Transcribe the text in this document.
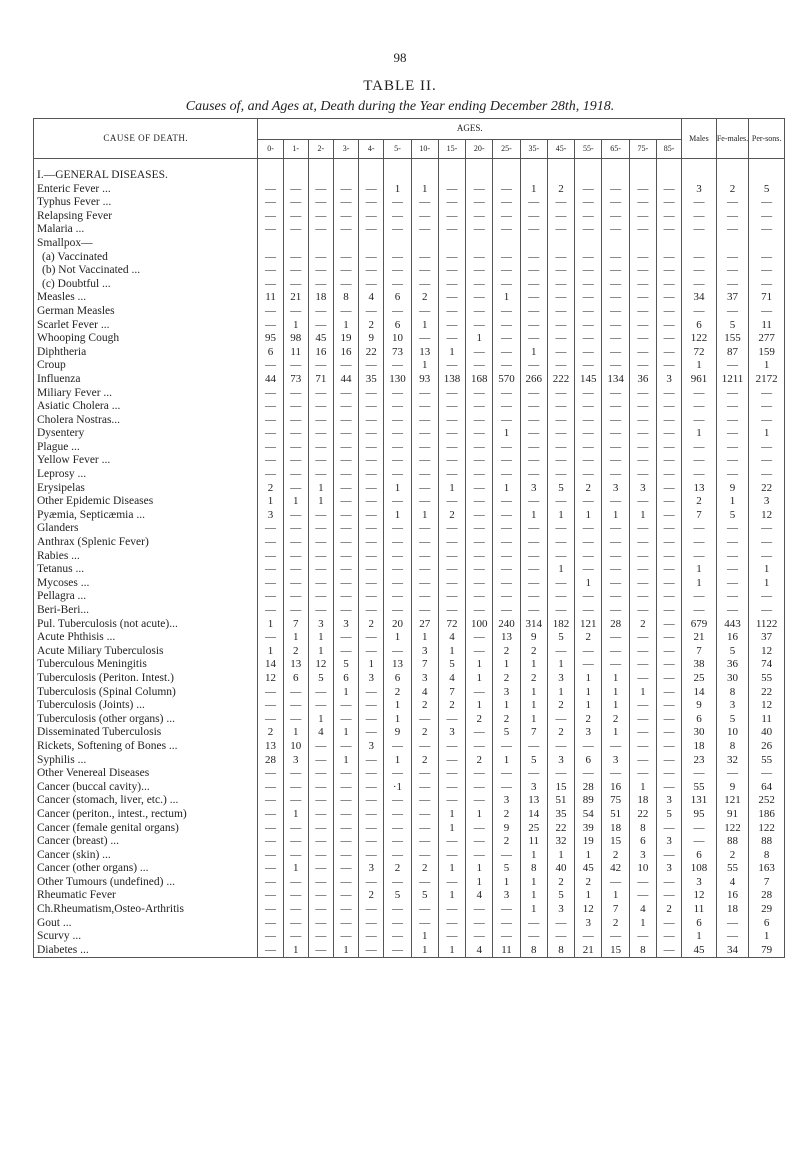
98
TABLE II.
Causes of, and Ages at, Death during the Year ending December 28th, 1918.
CAUSE OF DEATH.	AGES.																Males	Fe-males.	Per-sons.
	0-	1-	2-	3-	4-	5-	10-	15-	20-	25-	35-	45-	55-	65-	75-	85-			

I.—GENERAL DISEASES.																			
Enteric Fever ...	—	—	—	—	—	1	1	—	—	—	1	2	—	—	—	—	3	2	5
Typhus Fever ...	—	—	—	—	—	—	—	—	—	—	—	—	—	—	—	—	—	—	—
Relapsing Fever	—	—	—	—	—	—	—	—	—	—	—	—	—	—	—	—	—	—	—
Malaria ...	—	—	—	—	—	—	—	—	—	—	—	—	—	—	—	—	—	—	—
Smallpox—																			
(a) Vaccinated	—	—	—	—	—	—	—	—	—	—	—	—	—	—	—	—	—	—	—
(b) Not Vaccinated ...	—	—	—	—	—	—	—	—	—	—	—	—	—	—	—	—	—	—	—
(c) Doubtful ...	—	—	—	—	—	—	—	—	—	—	—	—	—	—	—	—	—	—	—
Measles ...	11	21	18	8	4	6	2	—	—	1	—	—	—	—	—	—	34	37	71
German Measles	—	—	—	—	—	—	—	—	—	—	—	—	—	—	—	—	—	—	—
Scarlet Fever ...	—	1	—	1	2	6	1	—	—	—	—	—	—	—	—	—	6	5	11
Whooping Cough	95	98	45	19	9	10	—	—	1	—	—	—	—	—	—	—	122	155	277
Diphtheria	6	11	16	16	22	73	13	1	—	—	1	—	—	—	—	—	72	87	159
Croup	—	—	—	—	—	—	1	—	—	—	—	—	—	—	—	—	1	—	1
Influenza	44	73	71	44	35	130	93	138	168	570	266	222	145	134	36	3	961	1211	2172
Miliary Fever ...	—	—	—	—	—	—	—	—	—	—	—	—	—	—	—	—	—	—	—
Asiatic Cholera ...	—	—	—	—	—	—	—	—	—	—	—	—	—	—	—	—	—	—	—
Cholera Nostras...	—	—	—	—	—	—	—	—	—	—	—	—	—	—	—	—	—	—	—
Dysentery	—	—	—	—	—	—	—	—	—	1	—	—	—	—	—	—	1	—	1
Plague ...	—	—	—	—	—	—	—	—	—	—	—	—	—	—	—	—	—	—	—
Yellow Fever ...	—	—	—	—	—	—	—	—	—	—	—	—	—	—	—	—	—	—	—
Leprosy ...	—	—	—	—	—	—	—	—	—	—	—	—	—	—	—	—	—	—	—
Erysipelas	2	—	1	—	—	1	—	1	—	1	3	5	2	3	3	—	13	9	22
Other Epidemic Diseases	1	1	1	—	—	—	—	—	—	—	—	—	—	—	—	—	2	1	3
Pyæmia, Septicæmia ...	3	—	—	—	—	1	1	2	—	—	1	1	1	1	1	—	7	5	12
Glanders	—	—	—	—	—	—	—	—	—	—	—	—	—	—	—	—	—	—	—
Anthrax (Splenic Fever)	—	—	—	—	—	—	—	—	—	—	—	—	—	—	—	—	—	—	—
Rabies ...	—	—	—	—	—	—	—	—	—	—	—	—	—	—	—	—	—	—	—
Tetanus ...	—	—	—	—	—	—	—	—	—	—	—	1	—	—	—	—	1	—	1
Mycoses ...	—	—	—	—	—	—	—	—	—	—	—	—	1	—	—	—	1	—	1
Pellagra ...	—	—	—	—	—	—	—	—	—	—	—	—	—	—	—	—	—	—	—
Beri-Beri...	—	—	—	—	—	—	—	—	—	—	—	—	—	—	—	—	—	—	—
Pul. Tuberculosis (not acute)...	1	7	3	3	2	20	27	72	100	240	314	182	121	28	2	—	679	443	1122
Acute Phthisis ...	—	1	1	—	—	1	1	4	—	13	9	5	2	—	—	—	21	16	37
Acute Miliary Tuberculosis	1	2	1	—	—	—	3	1	—	2	2	—	—	—	—	—	7	5	12
Tuberculous Meningitis	14	13	12	5	1	13	7	5	1	1	1	1	—	—	—	—	38	36	74
Tuberculosis (Periton. Intest.)	12	6	5	6	3	6	3	4	1	2	2	3	1	1	—	—	25	30	55
Tuberculosis (Spinal Column)	—	—	—	1	—	2	4	7	—	3	1	1	1	1	1	—	14	8	22
Tuberculosis (Joints) ...	—	—	—	—	—	1	2	2	1	1	1	2	1	1	—	—	9	3	12
Tuberculosis (other organs) ...	—	—	1	—	—	1	—	—	2	2	1	—	2	2	—	—	6	5	11
Disseminated Tuberculosis	2	1	4	1	—	9	2	3	—	5	7	2	3	1	—	—	30	10	40
Rickets, Softening of Bones ...	13	10	—	—	3	—	—	—	—	—	—	—	—	—	—	—	18	8	26
Syphilis ...	28	3	—	1	—	1	2	—	2	1	5	3	6	3	—	—	23	32	55
Other Venereal Diseases	—	—	—	—	—	—	—	—	—	—	—	—	—	—	—	—	—	—	—
Cancer (buccal cavity)...	—	—	—	—	—	·1	—	—	—	—	3	15	28	16	1	—	55	9	64
Cancer (stomach, liver, etc.) ...	—	—	—	—	—	—	—	—	—	3	13	51	89	75	18	3	131	121	252
Cancer (periton., intest., rectum)	—	1	—	—	—	—	—	1	1	2	14	35	54	51	22	5	95	91	186
Cancer (female genital organs)	—	—	—	—	—	—	—	1	—	9	25	22	39	18	8	—	—	122	122
Cancer (breast) ...	—	—	—	—	—	—	—	—	—	2	11	32	19	15	6	3	—	88	88
Cancer (skin) ...	—	—	—	—	—	—	—	—	—	—	1	1	1	2	3	—	6	2	8
Cancer (other organs) ...	—	1	—	—	3	2	2	1	1	5	8	40	45	42	10	3	108	55	163
Other Tumours (undefined) ...	—	—	—	—	—	—	—	—	1	1	1	2	2	—	—	—	3	4	7
Rheumatic Fever	—	—	—	—	2	5	5	1	4	3	1	5	1	1	—	—	12	16	28
Ch.Rheumatism,Osteo-Arthritis	—	—	—	—	—	—	—	—	—	—	1	3	12	7	4	2	11	18	29
Gout ...	—	—	—	—	—	—	—	—	—	—	—	—	3	2	1	—	6	—	6
Scurvy ...	—	—	—	—	—	—	1	—	—	—	—	—	—	—	—	—	1	—	1
Diabetes ...	—	1	—	1	—	—	1	1	4	11	8	8	21	15	8	—	45	34	79
